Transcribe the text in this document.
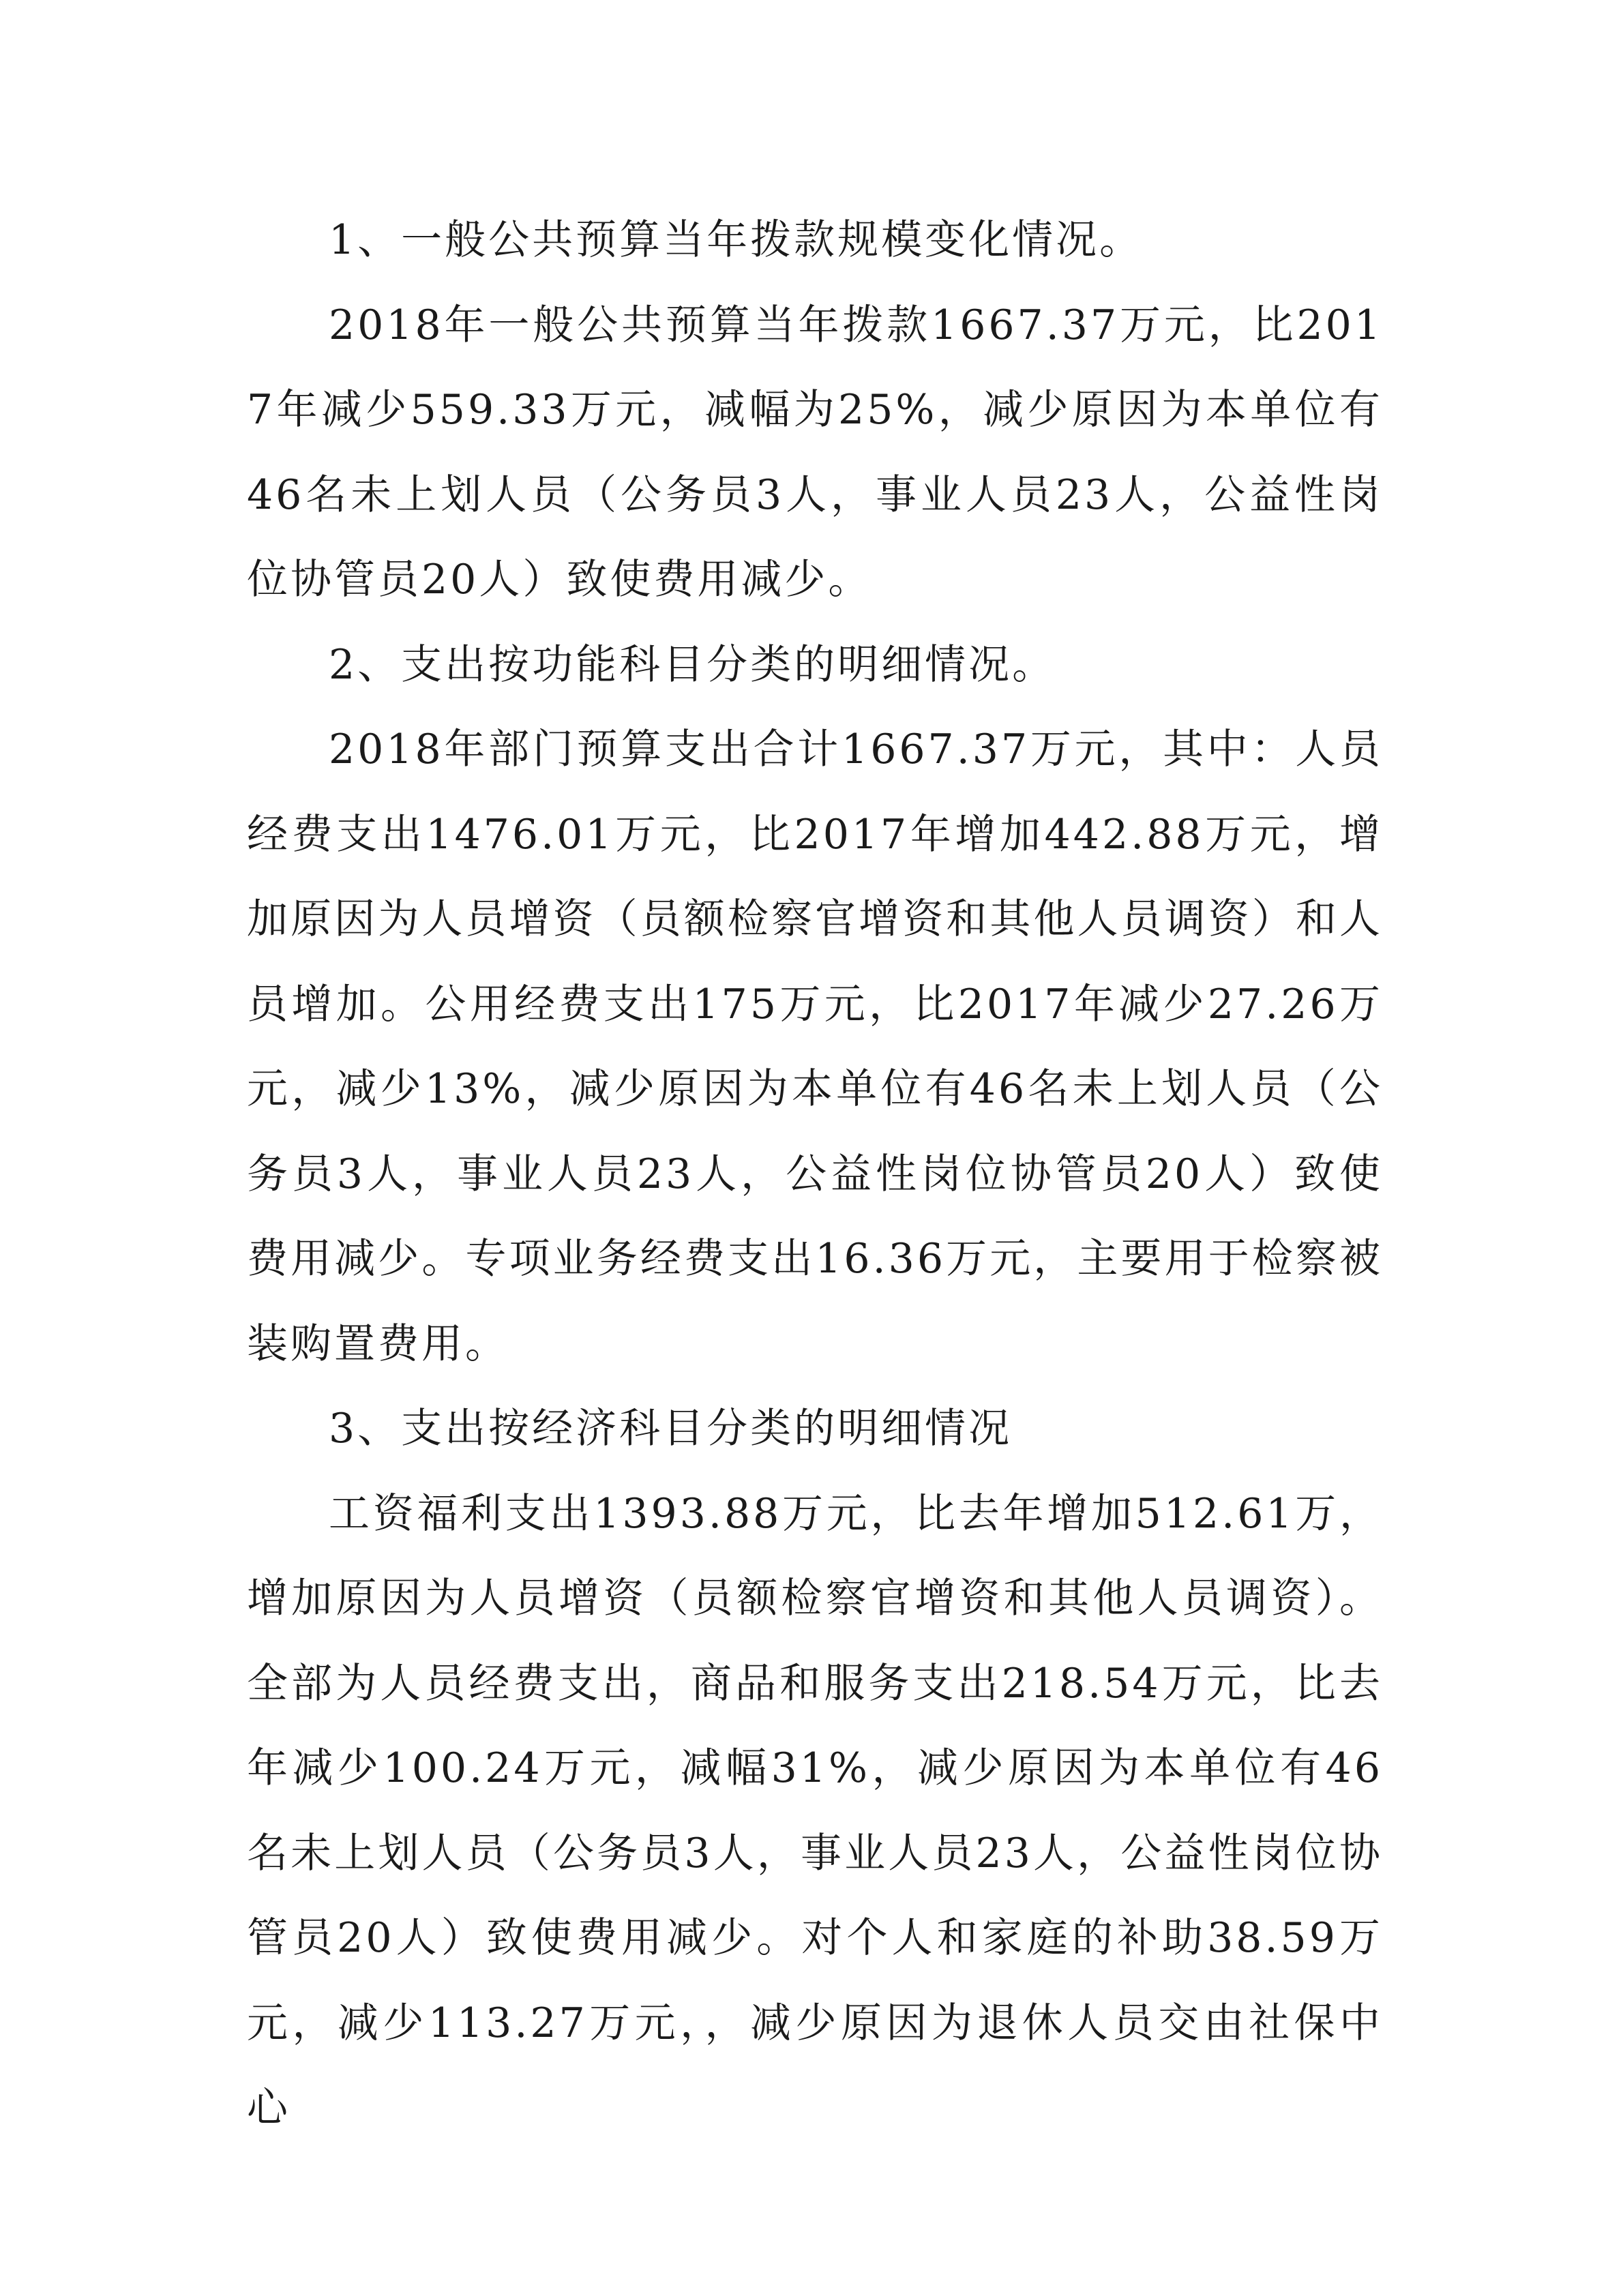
1、一般公共预算当年拨款规模变化情况。

2018年一般公共预算当年拨款1667.37万元，比2017年减少559.33万元，减幅为25%，减少原因为本单位有46名未上划人员（公务员3人，事业人员23人，公益性岗位协管员20人）致使费用减少。

2、支出按功能科目分类的明细情况。

2018年部门预算支出合计1667.37万元，其中：人员经费支出1476.01万元，比2017年增加442.88万元，增加原因为人员增资（员额检察官增资和其他人员调资）和人员增加。公用经费支出175万元，比2017年减少27.26万元，减少13%，减少原因为本单位有46名未上划人员（公务员3人，事业人员23人，公益性岗位协管员20人）致使费用减少。专项业务经费支出16.36万元，主要用于检察被装购置费用。

3、支出按经济科目分类的明细情况

工资福利支出1393.88万元，比去年增加512.61万，增加原因为人员增资（员额检察官增资和其他人员调资）。全部为人员经费支出，商品和服务支出218.54万元，比去年减少100.24万元，减幅31%，减少原因为本单位有46名未上划人员（公务员3人，事业人员23人，公益性岗位协管员20人）致使费用减少。对个人和家庭的补助38.59万元，减少113.27万元，，减少原因为退休人员交由社保中心
